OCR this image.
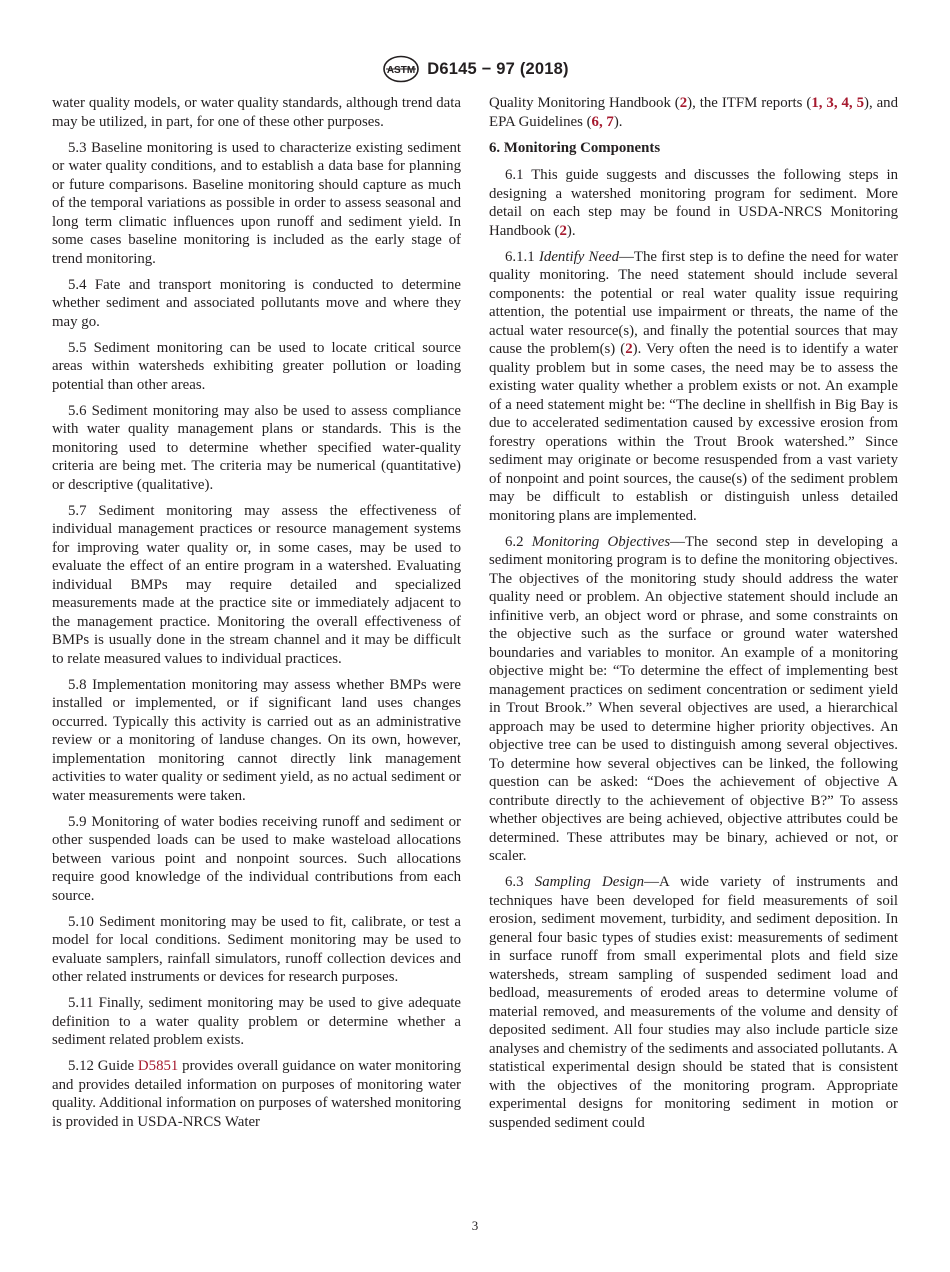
ASTM D6145 − 97 (2018)

water quality models, or water quality standards, although trend data may be utilized, in part, for one of these other purposes.

5.3 Baseline monitoring is used to characterize existing sediment or water quality conditions, and to establish a data base for planning or future comparisons. Baseline monitoring should capture as much of the temporal variations as possible in order to assess seasonal and long term climatic influences upon runoff and sediment yield. In some cases baseline monitoring is included as the early stage of trend monitoring.

5.4 Fate and transport monitoring is conducted to determine whether sediment and associated pollutants move and where they may go.

5.5 Sediment monitoring can be used to locate critical source areas within watersheds exhibiting greater pollution or loading potential than other areas.

5.6 Sediment monitoring may also be used to assess compliance with water quality management plans or standards. This is the monitoring used to determine whether specified water-quality criteria are being met. The criteria may be numerical (quantitative) or descriptive (qualitative).

5.7 Sediment monitoring may assess the effectiveness of individual management practices or resource management systems for improving water quality or, in some cases, may be used to evaluate the effect of an entire program in a watershed. Evaluating individual BMPs may require detailed and specialized measurements made at the practice site or immediately adjacent to the management practice. Monitoring the overall effectiveness of BMPs is usually done in the stream channel and it may be difficult to relate measured values to individual practices.

5.8 Implementation monitoring may assess whether BMPs were installed or implemented, or if significant land uses changes occurred. Typically this activity is carried out as an administrative review or a monitoring of landuse changes. On its own, however, implementation monitoring cannot directly link management activities to water quality or sediment yield, as no actual sediment or water measurements were taken.

5.9 Monitoring of water bodies receiving runoff and sediment or other suspended loads can be used to make wasteload allocations between various point and nonpoint sources. Such allocations require good knowledge of the individual contributions from each source.

5.10 Sediment monitoring may be used to fit, calibrate, or test a model for local conditions. Sediment monitoring may be used to evaluate samplers, rainfall simulators, runoff collection devices and other related instruments or devices for research purposes.

5.11 Finally, sediment monitoring may be used to give adequate definition to a water quality problem or determine whether a sediment related problem exists.

5.12 Guide D5851 provides overall guidance on water monitoring and provides detailed information on purposes of monitoring water quality. Additional information on purposes of watershed monitoring is provided in USDA-NRCS Water

Quality Monitoring Handbook (2), the ITFM reports (1, 3, 4, 5), and EPA Guidelines (6, 7).

6. Monitoring Components

6.1 This guide suggests and discusses the following steps in designing a watershed monitoring program for sediment. More detail on each step may be found in USDA-NRCS Monitoring Handbook (2).

6.1.1 Identify Need—The first step is to define the need for water quality monitoring. The need statement should include several components: the potential or real water quality issue requiring attention, the potential use impairment or threats, the name of the actual water resource(s), and finally the potential sources that may cause the problem(s) (2). Very often the need is to identify a water quality problem but in some cases, the need may be to assess the existing water quality whether a problem exists or not. An example of a need statement might be: “The decline in shellfish in Big Bay is due to accelerated sedimentation caused by excessive erosion from forestry operations within the Trout Brook watershed.” Since sediment may originate or become resuspended from a vast variety of nonpoint and point sources, the cause(s) of the sediment problem may be difficult to establish or distinguish unless detailed monitoring plans are implemented.

6.2 Monitoring Objectives—The second step in developing a sediment monitoring program is to define the monitoring objectives. The objectives of the monitoring study should address the water quality need or problem. An objective statement should include an infinitive verb, an object word or phrase, and some constraints on the objective such as the surface or ground water watershed boundaries and variables to monitor. An example of a monitoring objective might be: “To determine the effect of implementing best management practices on sediment concentration or sediment yield in Trout Brook.” When several objectives are used, a hierarchical approach may be used to determine higher priority objectives. An objective tree can be used to distinguish among several objectives. To determine how several objectives can be linked, the following question can be asked: “Does the achievement of objective A contribute directly to the achievement of objective B?” To assess whether objectives are being achieved, objective attributes could be determined. These attributes may be binary, achieved or not, or scaler.

6.3 Sampling Design—A wide variety of instruments and techniques have been developed for field measurements of soil erosion, sediment movement, turbidity, and sediment deposition. In general four basic types of studies exist: measurements of sediment in surface runoff from small experimental plots and field size watersheds, stream sampling of suspended sediment load and bedload, measurements of eroded areas to determine volume of material removed, and measurements of the volume and density of deposited sediment. All four studies may also include particle size analyses and chemistry of the sediments and associated pollutants. A statistical experimental design should be stated that is consistent with the objectives of the monitoring program. Appropriate experimental designs for monitoring sediment in motion or suspended sediment could

3
